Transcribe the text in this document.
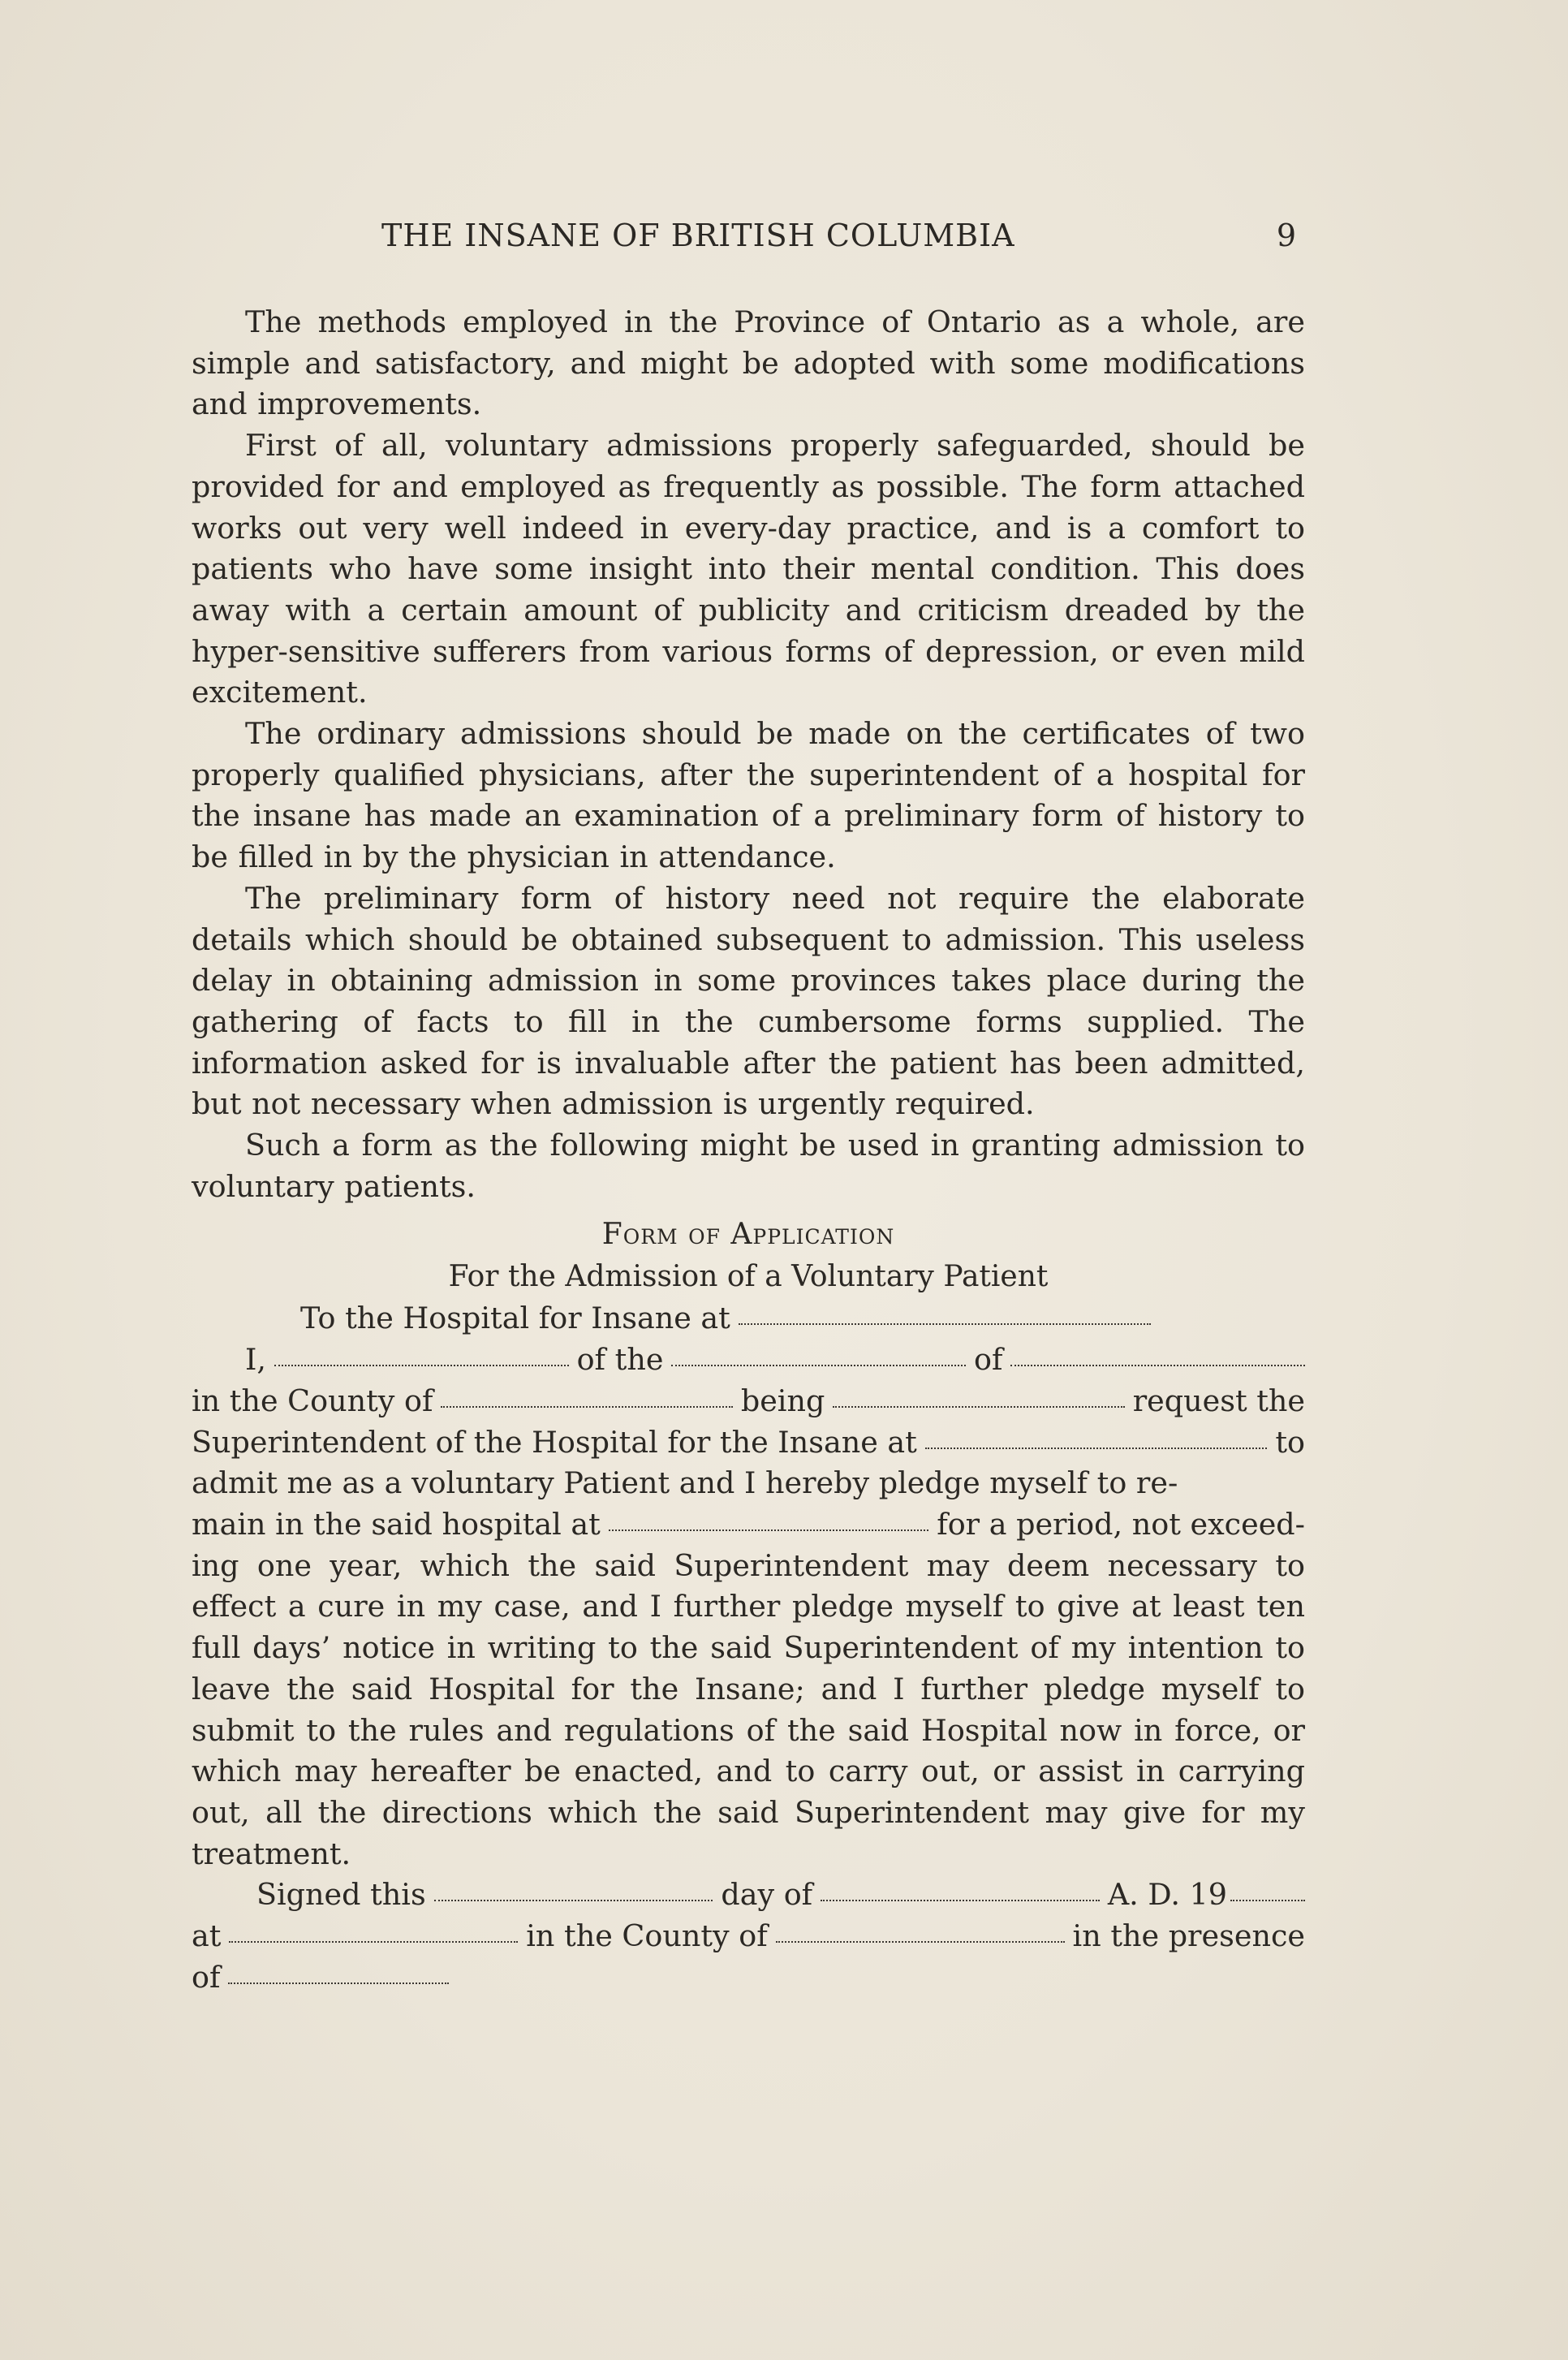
THE INSANE OF BRITISH COLUMBIA	9

The methods employed in the Province of Ontario as a whole, are simple and satisfactory, and might be adopted with some modifications and improvements.

First of all, voluntary admissions properly safeguarded, should be provided for and employed as frequently as possible. The form attached works out very well indeed in every-day practice, and is a comfort to patients who have some insight into their mental condition. This does away with a certain amount of publicity and criticism dreaded by the hyper-sensitive sufferers from various forms of depression, or even mild excitement.

The ordinary admissions should be made on the certificates of two properly qualified physicians, after the superintendent of a hospital for the insane has made an examination of a preliminary form of history to be filled in by the physician in attendance.

The preliminary form of history need not require the elaborate details which should be obtained subsequent to admission. This useless delay in obtaining admission in some provinces takes place during the gathering of facts to fill in the cumbersome forms supplied. The information asked for is invaluable after the patient has been admitted, but not necessary when admission is urgently required.

Such a form as the following might be used in granting admission to voluntary patients.

Form of Application
For the Admission of a Voluntary Patient
To the Hospital for Insane at
I,	of the	of
in the County of	being	request the
Superintendent of the Hospital for the Insane at	to
admit me as a voluntary Patient and I hereby pledge myself to re-
main in the said hospital at	for a period, not exceed-

ing one year, which the said Superintendent may deem necessary to effect a cure in my case, and I further pledge myself to give at least ten full days’ notice in writing to the said Superintendent of my intention to leave the said Hospital for the Insane; and I further pledge myself to submit to the rules and regulations of the said Hospital now in force, or which may hereafter be enacted, and to carry out, or assist in carrying out, all the directions which the said Superintendent may give for my treatment.

Signed this	day of	A. D. 19
at	in the County of	in the presence
of
